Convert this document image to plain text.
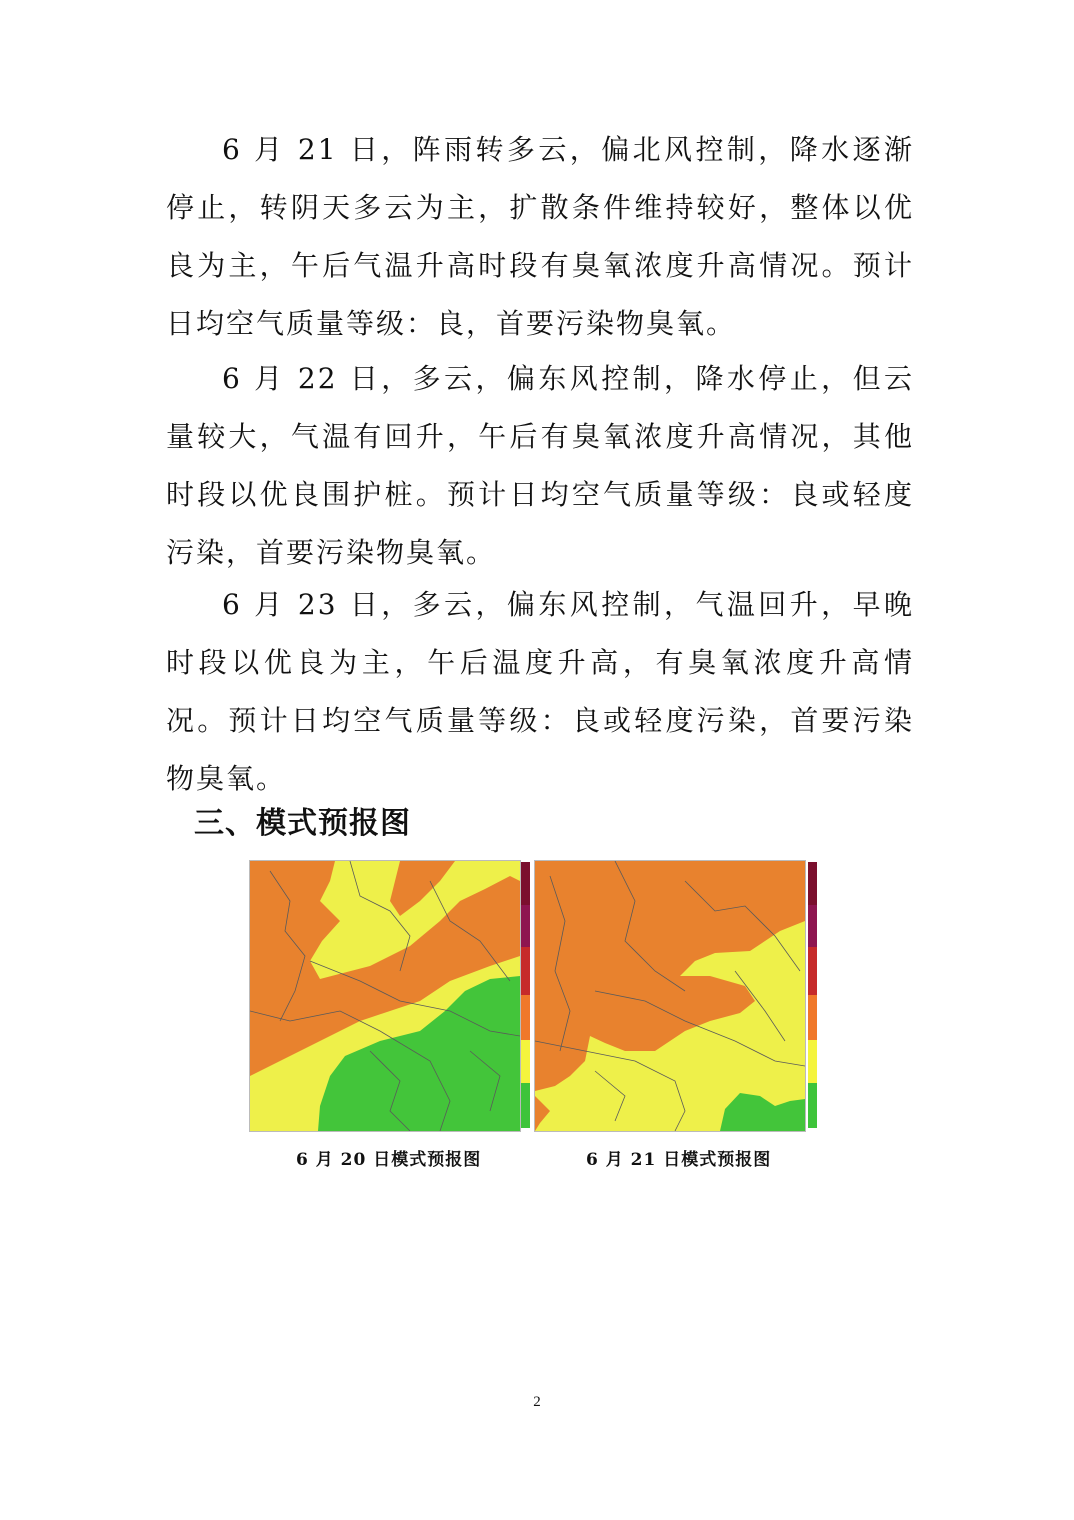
6 月 21 日，阵雨转多云，偏北风控制，降水逐渐停止，转阴天多云为主，扩散条件维持较好，整体以优良为主，午后气温升高时段有臭氧浓度升高情况。预计日均空气质量等级：良，首要污染物臭氧。

6 月 22 日，多云，偏东风控制，降水停止，但云量较大，气温有回升，午后有臭氧浓度升高情况，其他时段以优良围护桩。预计日均空气质量等级：良或轻度污染，首要污染物臭氧。

6 月 23 日，多云，偏东风控制，气温回升，早晚时段以优良为主，午后温度升高，有臭氧浓度升高情况。预计日均空气质量等级：良或轻度污染，首要污染物臭氧。

三、模式预报图
6 月 20 日模式预报图	6 月 21 日模式预报图
2
